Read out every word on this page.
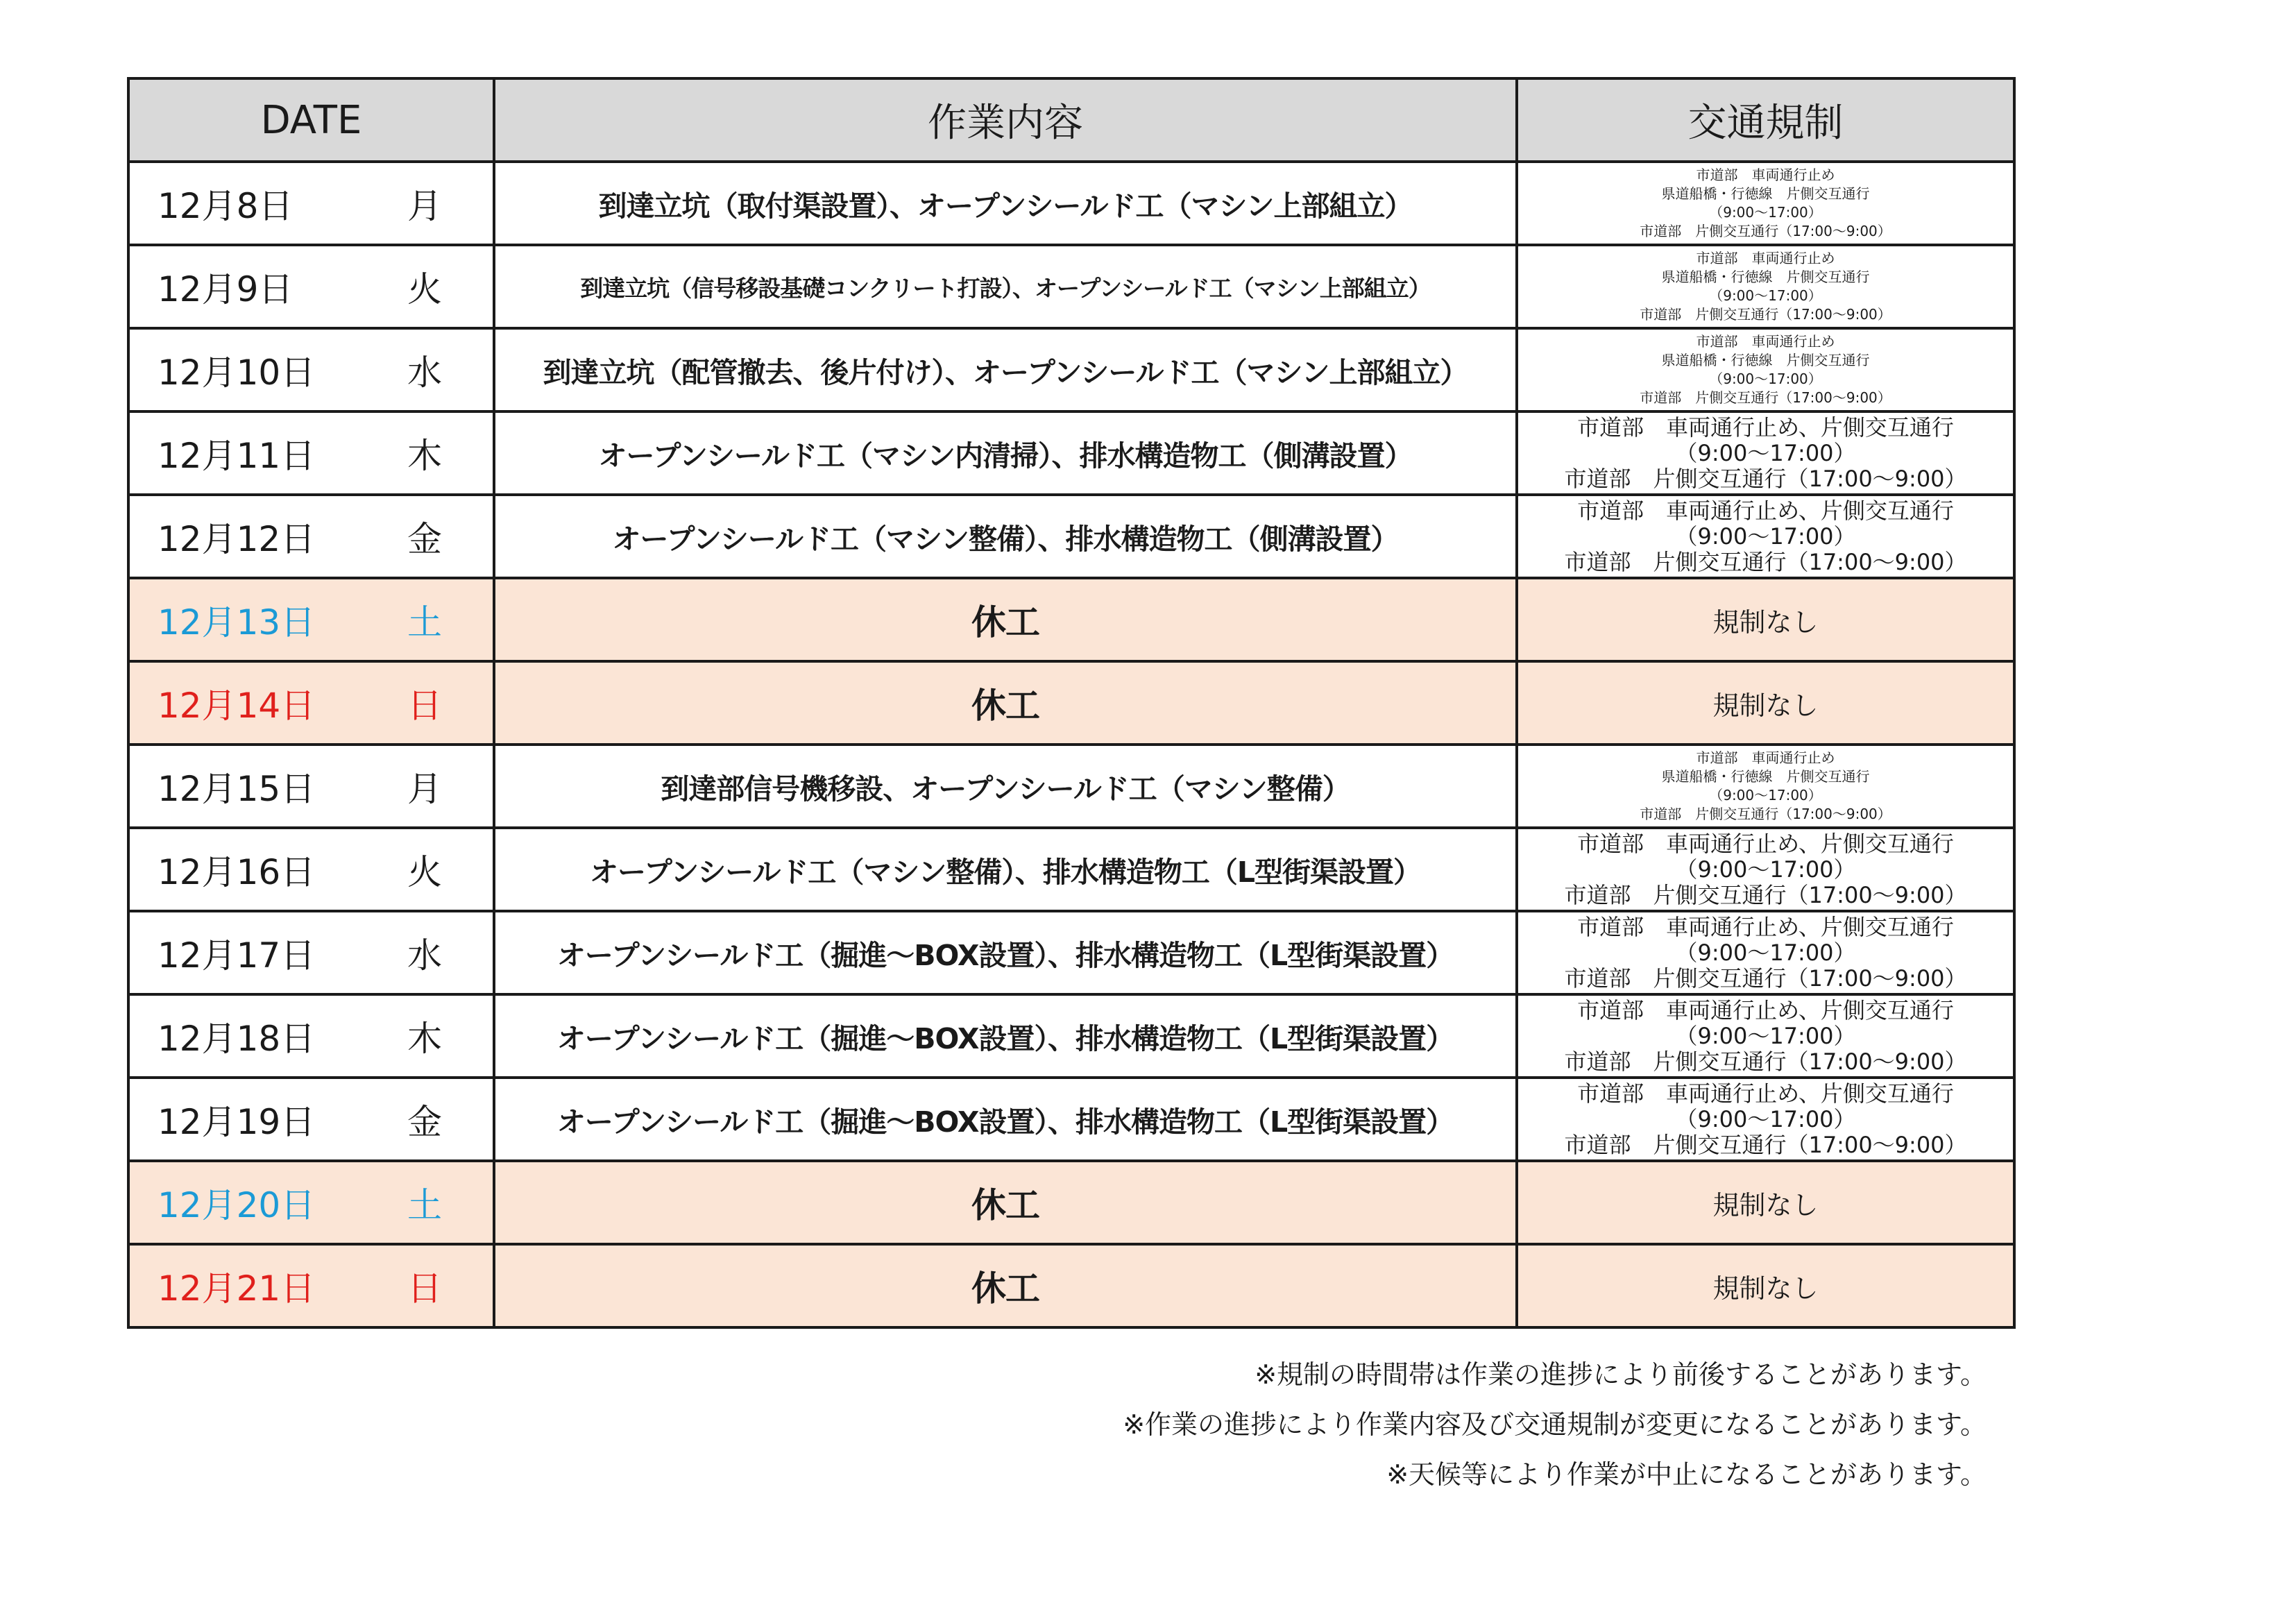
DATE	作業内容	交通規制

12月8日 月	到達立坑（取付渠設置）、オープンシールド工（マシン上部組立）	市道部　車両通行止め
県道船橋・行徳線　片側交互通行
（9:00～17:00）
市道部　片側交互通行（17:00～9:00）

12月9日 火	到達立坑（信号移設基礎コンクリート打設）、オープンシールド工（マシン上部組立）	市道部　車両通行止め
県道船橋・行徳線　片側交互通行
（9:00～17:00）
市道部　片側交互通行（17:00～9:00）

12月10日 水	到達立坑（配管撤去、後片付け）、オープンシールド工（マシン上部組立）	市道部　車両通行止め
県道船橋・行徳線　片側交互通行
（9:00～17:00）
市道部　片側交互通行（17:00～9:00）

12月11日 木	オープンシールド工（マシン内清掃）、排水構造物工（側溝設置）	市道部　車両通行止め、片側交互通行
（9:00～17:00）
市道部　片側交互通行（17:00～9:00）

12月12日 金	オープンシールド工（マシン整備）、排水構造物工（側溝設置）	市道部　車両通行止め、片側交互通行
（9:00～17:00）
市道部　片側交互通行（17:00～9:00）

12月13日 土	休工	規制なし

12月14日 日	休工	規制なし

12月15日 月	到達部信号機移設、オープンシールド工（マシン整備）	市道部　車両通行止め
県道船橋・行徳線　片側交互通行
（9:00～17:00）
市道部　片側交互通行（17:00～9:00）

12月16日 火	オープンシールド工（マシン整備）、排水構造物工（L型街渠設置）	市道部　車両通行止め、片側交互通行
（9:00～17:00）
市道部　片側交互通行（17:00～9:00）

12月17日 水	オープンシールド工（掘進～BOX設置）、排水構造物工（L型街渠設置）	市道部　車両通行止め、片側交互通行
（9:00～17:00）
市道部　片側交互通行（17:00～9:00）

12月18日 木	オープンシールド工（掘進～BOX設置）、排水構造物工（L型街渠設置）	市道部　車両通行止め、片側交互通行
（9:00～17:00）
市道部　片側交互通行（17:00～9:00）

12月19日 金	オープンシールド工（掘進～BOX設置）、排水構造物工（L型街渠設置）	市道部　車両通行止め、片側交互通行
（9:00～17:00）
市道部　片側交互通行（17:00～9:00）

12月20日 土	休工	規制なし

12月21日 日	休工	規制なし
※規制の時間帯は作業の進捗により前後することがあります。
※作業の進捗により作業内容及び交通規制が変更になることがあります。
※天候等により作業が中止になることがあります。
